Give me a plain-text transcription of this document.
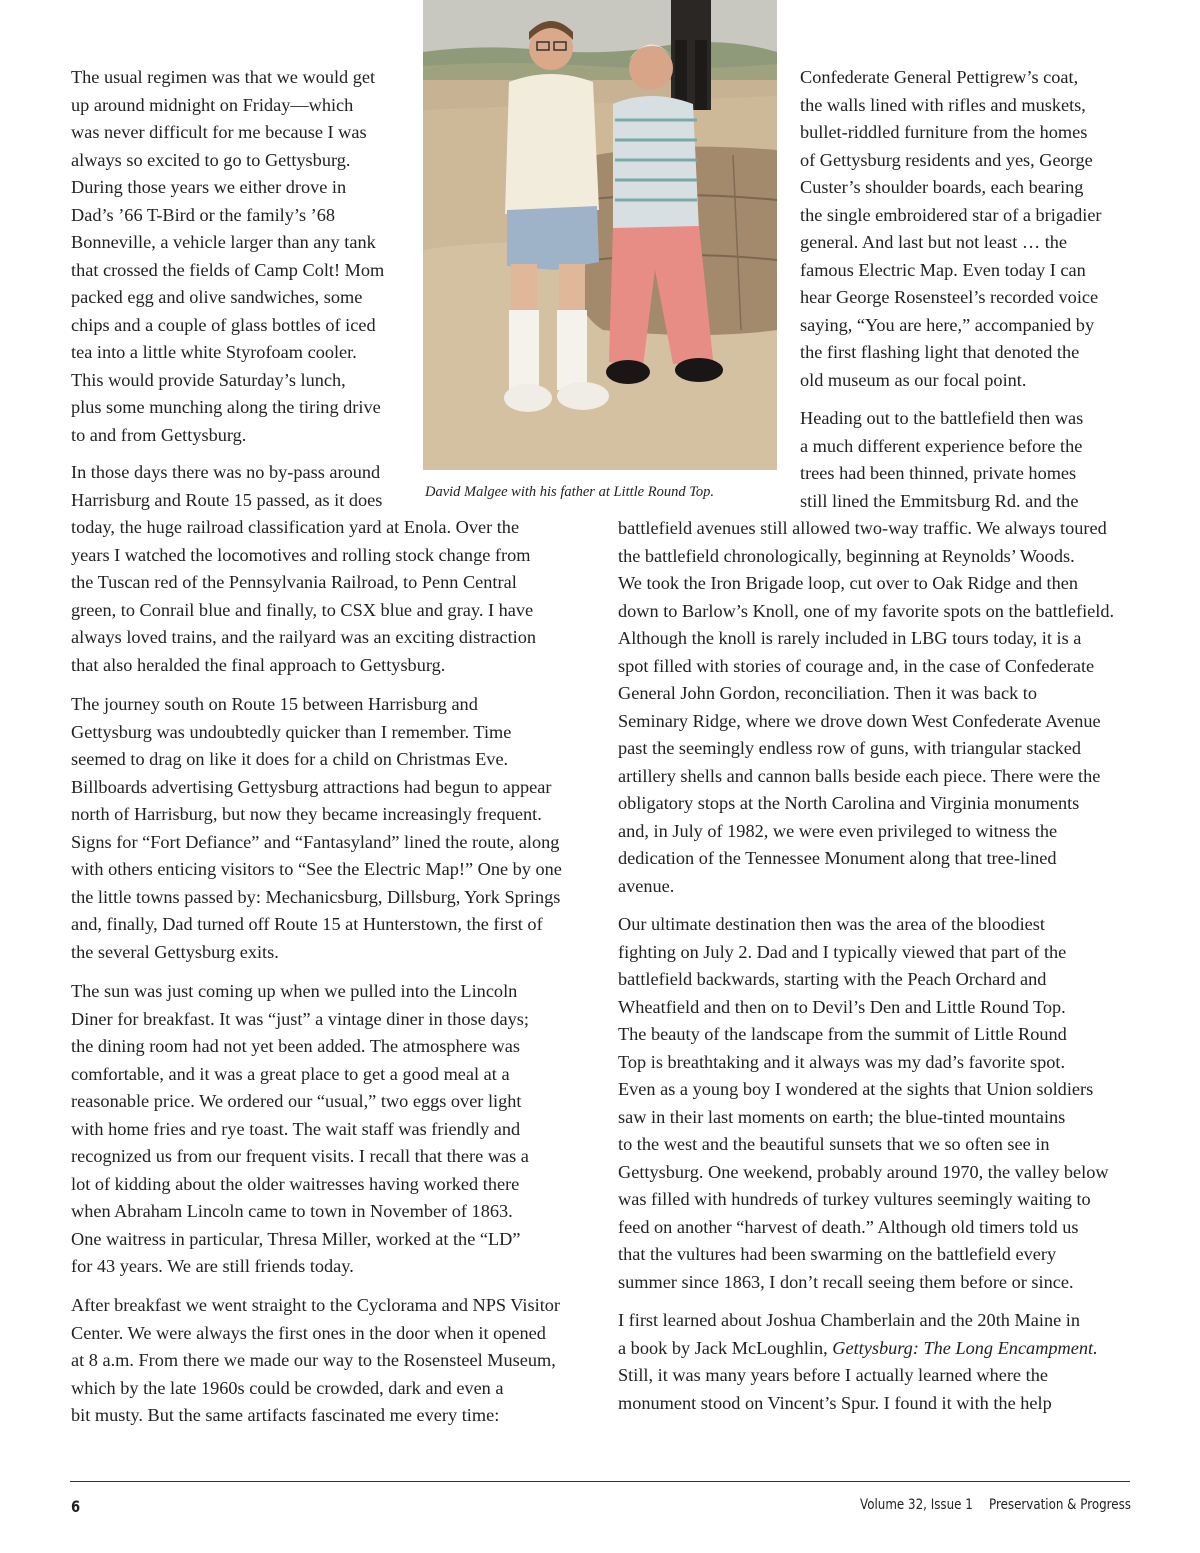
The usual regimen was that we would get
up around midnight on Friday—which
was never difficult for me because I was
always so excited to go to Gettysburg.
During those years we either drove in
Dad’s ’66 T-Bird or the family’s ’68
Bonneville, a vehicle larger than any tank
that crossed the fields of Camp Colt! Mom
packed egg and olive sandwiches, some
chips and a couple of glass bottles of iced
tea into a little white Styrofoam cooler.
This would provide Saturday’s lunch,
plus some munching along the tiring drive
to and from Gettysburg.
In those days there was no by-pass around
Harrisburg and Route 15 passed, as it does
today, the huge railroad classification yard at Enola. Over the
years I watched the locomotives and rolling stock change from
the Tuscan red of the Pennsylvania Railroad, to Penn Central
green, to Conrail blue and finally, to CSX blue and gray. I have
always loved trains, and the railyard was an exciting distraction
that also heralded the final approach to Gettysburg.
The journey south on Route 15 between Harrisburg and
Gettysburg was undoubtedly quicker than I remember. Time
seemed to drag on like it does for a child on Christmas Eve.
Billboards advertising Gettysburg attractions had begun to appear
north of Harrisburg, but now they became increasingly frequent.
Signs for “Fort Defiance” and “Fantasyland” lined the route, along
with others enticing visitors to “See the Electric Map!” One by one
the little towns passed by: Mechanicsburg, Dillsburg, York Springs
and, finally, Dad turned off Route 15 at Hunterstown, the first of
the several Gettysburg exits.
The sun was just coming up when we pulled into the Lincoln
Diner for breakfast. It was “just” a vintage diner in those days;
the dining room had not yet been added. The atmosphere was
comfortable, and it was a great place to get a good meal at a
reasonable price. We ordered our “usual,” two eggs over light
with home fries and rye toast. The wait staff was friendly and
recognized us from our frequent visits. I recall that there was a
lot of kidding about the older waitresses having worked there
when Abraham Lincoln came to town in November of 1863.
One waitress in particular, Thresa Miller, worked at the “LD”
for 43 years. We are still friends today.
After breakfast we went straight to the Cyclorama and NPS Visitor
Center. We were always the first ones in the door when it opened
at 8 a.m. From there we made our way to the Rosensteel Museum,
which by the late 1960s could be crowded, dark and even a
bit musty. But the same artifacts fascinated me every time:
Confederate General Pettigrew’s coat,
the walls lined with rifles and muskets,
bullet-riddled furniture from the homes
of Gettysburg residents and yes, George
Custer’s shoulder boards, each bearing
the single embroidered star of a brigadier
general. And last but not least … the
famous Electric Map. Even today I can
hear George Rosensteel’s recorded voice
saying, “You are here,” accompanied by
the first flashing light that denoted the
old museum as our focal point.
Heading out to the battlefield then was
a much different experience before the
trees had been thinned, private homes
still lined the Emmitsburg Rd. and the
battlefield avenues still allowed two-way traffic. We always toured
the battlefield chronologically, beginning at Reynolds’ Woods.
We took the Iron Brigade loop, cut over to Oak Ridge and then
down to Barlow’s Knoll, one of my favorite spots on the battlefield.
Although the knoll is rarely included in LBG tours today, it is a
spot filled with stories of courage and, in the case of Confederate
General John Gordon, reconciliation. Then it was back to
Seminary Ridge, where we drove down West Confederate Avenue
past the seemingly endless row of guns, with triangular stacked
artillery shells and cannon balls beside each piece. There were the
obligatory stops at the North Carolina and Virginia monuments
and, in July of 1982, we were even privileged to witness the
dedication of the Tennessee Monument along that tree-lined
avenue.
Our ultimate destination then was the area of the bloodiest
fighting on July 2. Dad and I typically viewed that part of the
battlefield backwards, starting with the Peach Orchard and
Wheatfield and then on to Devil’s Den and Little Round Top.
The beauty of the landscape from the summit of Little Round
Top is breathtaking and it always was my dad’s favorite spot.
Even as a young boy I wondered at the sights that Union soldiers
saw in their last moments on earth; the blue-tinted mountains
to the west and the beautiful sunsets that we so often see in
Gettysburg. One weekend, probably around 1970, the valley below
was filled with hundreds of turkey vultures seemingly waiting to
feed on another “harvest of death.” Although old timers told us
that the vultures had been swarming on the battlefield every
summer since 1863, I don’t recall seeing them before or since.
I first learned about Joshua Chamberlain and the 20th Maine in
a book by Jack McLoughlin, Gettysburg: The Long Encampment.
Still, it was many years before I actually learned where the
monument stood on Vincent’s Spur. I found it with the help

David Malgee with his father at Little Round Top.

6	Volume 32, Issue 1 Preservation & Progress
